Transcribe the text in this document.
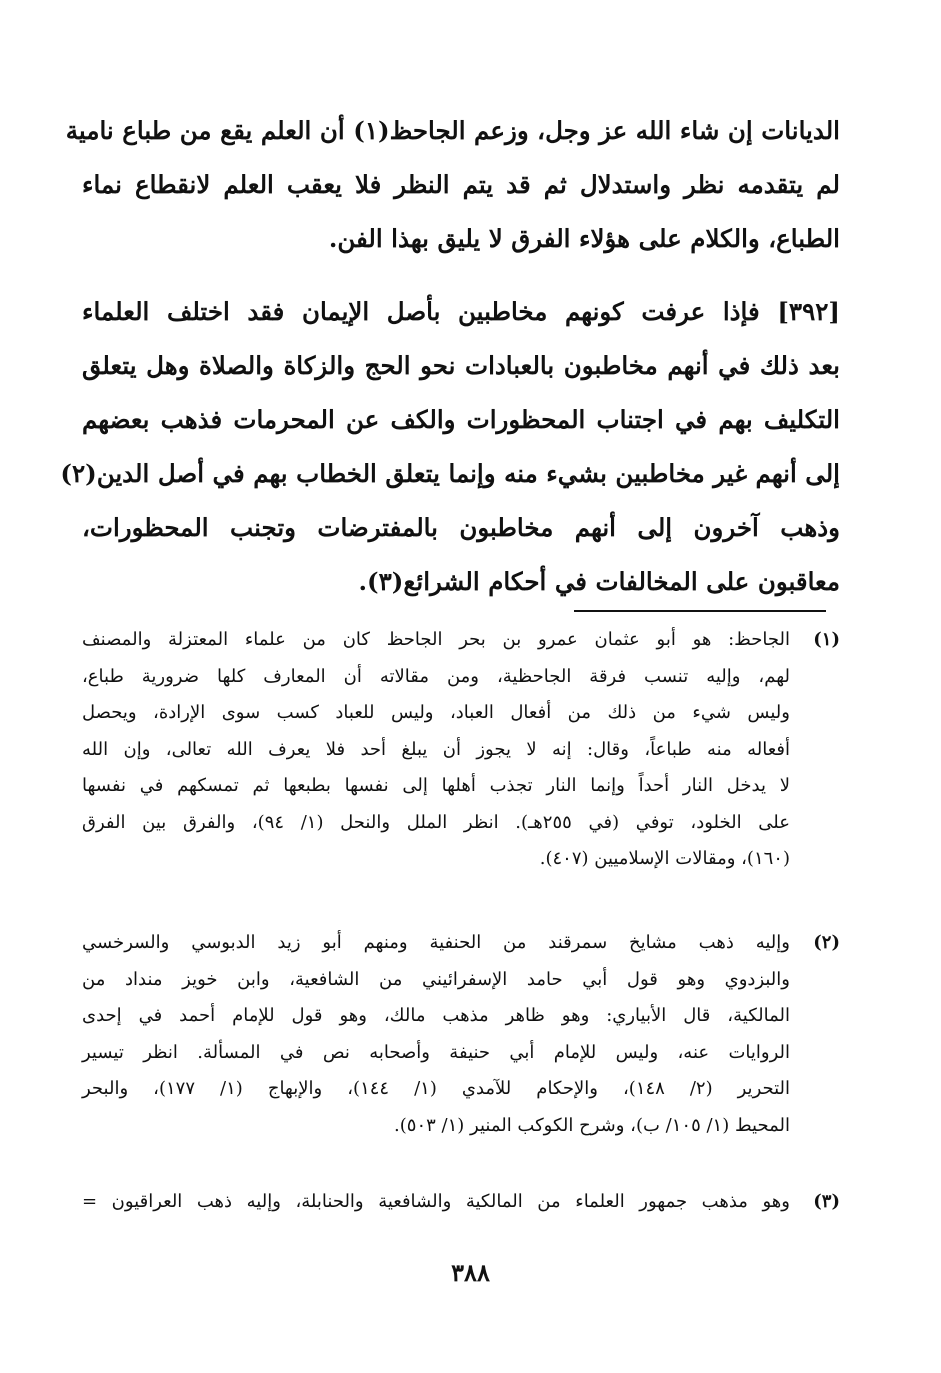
الديانات إن شاء الله عز وجل، وزعم الجاحظ(١) أن العلم يقع من طباع نامية
لم يتقدمه نظر واستدلال ثم قد يتم النظر فلا يعقب العلم لانقطاع نماء
الطباع، والكلام على هؤلاء الفرق لا يليق بهذا الفن.
[٣٩٢] فإذا عرفت كونهم مخاطبين بأصل الإيمان فقد اختلف العلماء
بعد ذلك في أنهم مخاطبون بالعبادات نحو الحج والزكاة والصلاة وهل يتعلق
التكليف بهم في اجتناب المحظورات والكف عن المحرمات فذهب بعضهم
إلى أنهم غير مخاطبين بشيء منه وإنما يتعلق الخطاب بهم في أصل الدين(٢)
وذهب آخرون إلى أنهم مخاطبون بالمفترضات وتجنب المحظورات،
معاقبون على المخالفات في أحكام الشرائع(٣).
(١)
الجاحظ: هو أبو عثمان عمرو بن بحر الجاحظ كان من علماء المعتزلة والمصنف
لهم، وإليه تنسب فرقة الجاحظية، ومن مقالاته أن المعارف كلها ضرورية طباع،
وليس شيء من ذلك من أفعال العباد، وليس للعباد كسب سوى الإرادة، ويحصل
أفعاله منه طباعاً، وقال: إنه لا يجوز أن يبلغ أحد فلا يعرف الله تعالى، وإن الله
لا يدخل النار أحداً وإنما النار تجذب أهلها إلى نفسها بطبعها ثم تمسكهم في نفسها
على الخلود، توفي (في ٢٥٥هـ). انظر الملل والنحل (١/ ٩٤)، والفرق بين الفرق
(١٦٠)، ومقالات الإسلاميين (٤٠٧).
(٢)
وإليه ذهب مشايخ سمرقند من الحنفية ومنهم أبو زيد الدبوسي والسرخسي
والبزدوي وهو قول أبي حامد الإسفرائيني من الشافعية، وابن خويز منداد من
المالكية، قال الأبياري: وهو ظاهر مذهب مالك، وهو قول للإمام أحمد في إحدى
الروايات عنه، وليس للإمام أبي حنيفة وأصحابه نص في المسألة. انظر تيسير
التحرير (٢/ ١٤٨)، والإحكام للآمدي (١/ ١٤٤)، والإبهاج (١/ ١٧٧)، والبحر
المحيط (١/ ١٠٥/ ب)، وشرح الكوكب المنير (١/ ٥٠٣).
(٣)
وهو مذهب جمهور العلماء من المالكية والشافعية والحنابلة، وإليه ذهب العراقيون =
٣٨٨
